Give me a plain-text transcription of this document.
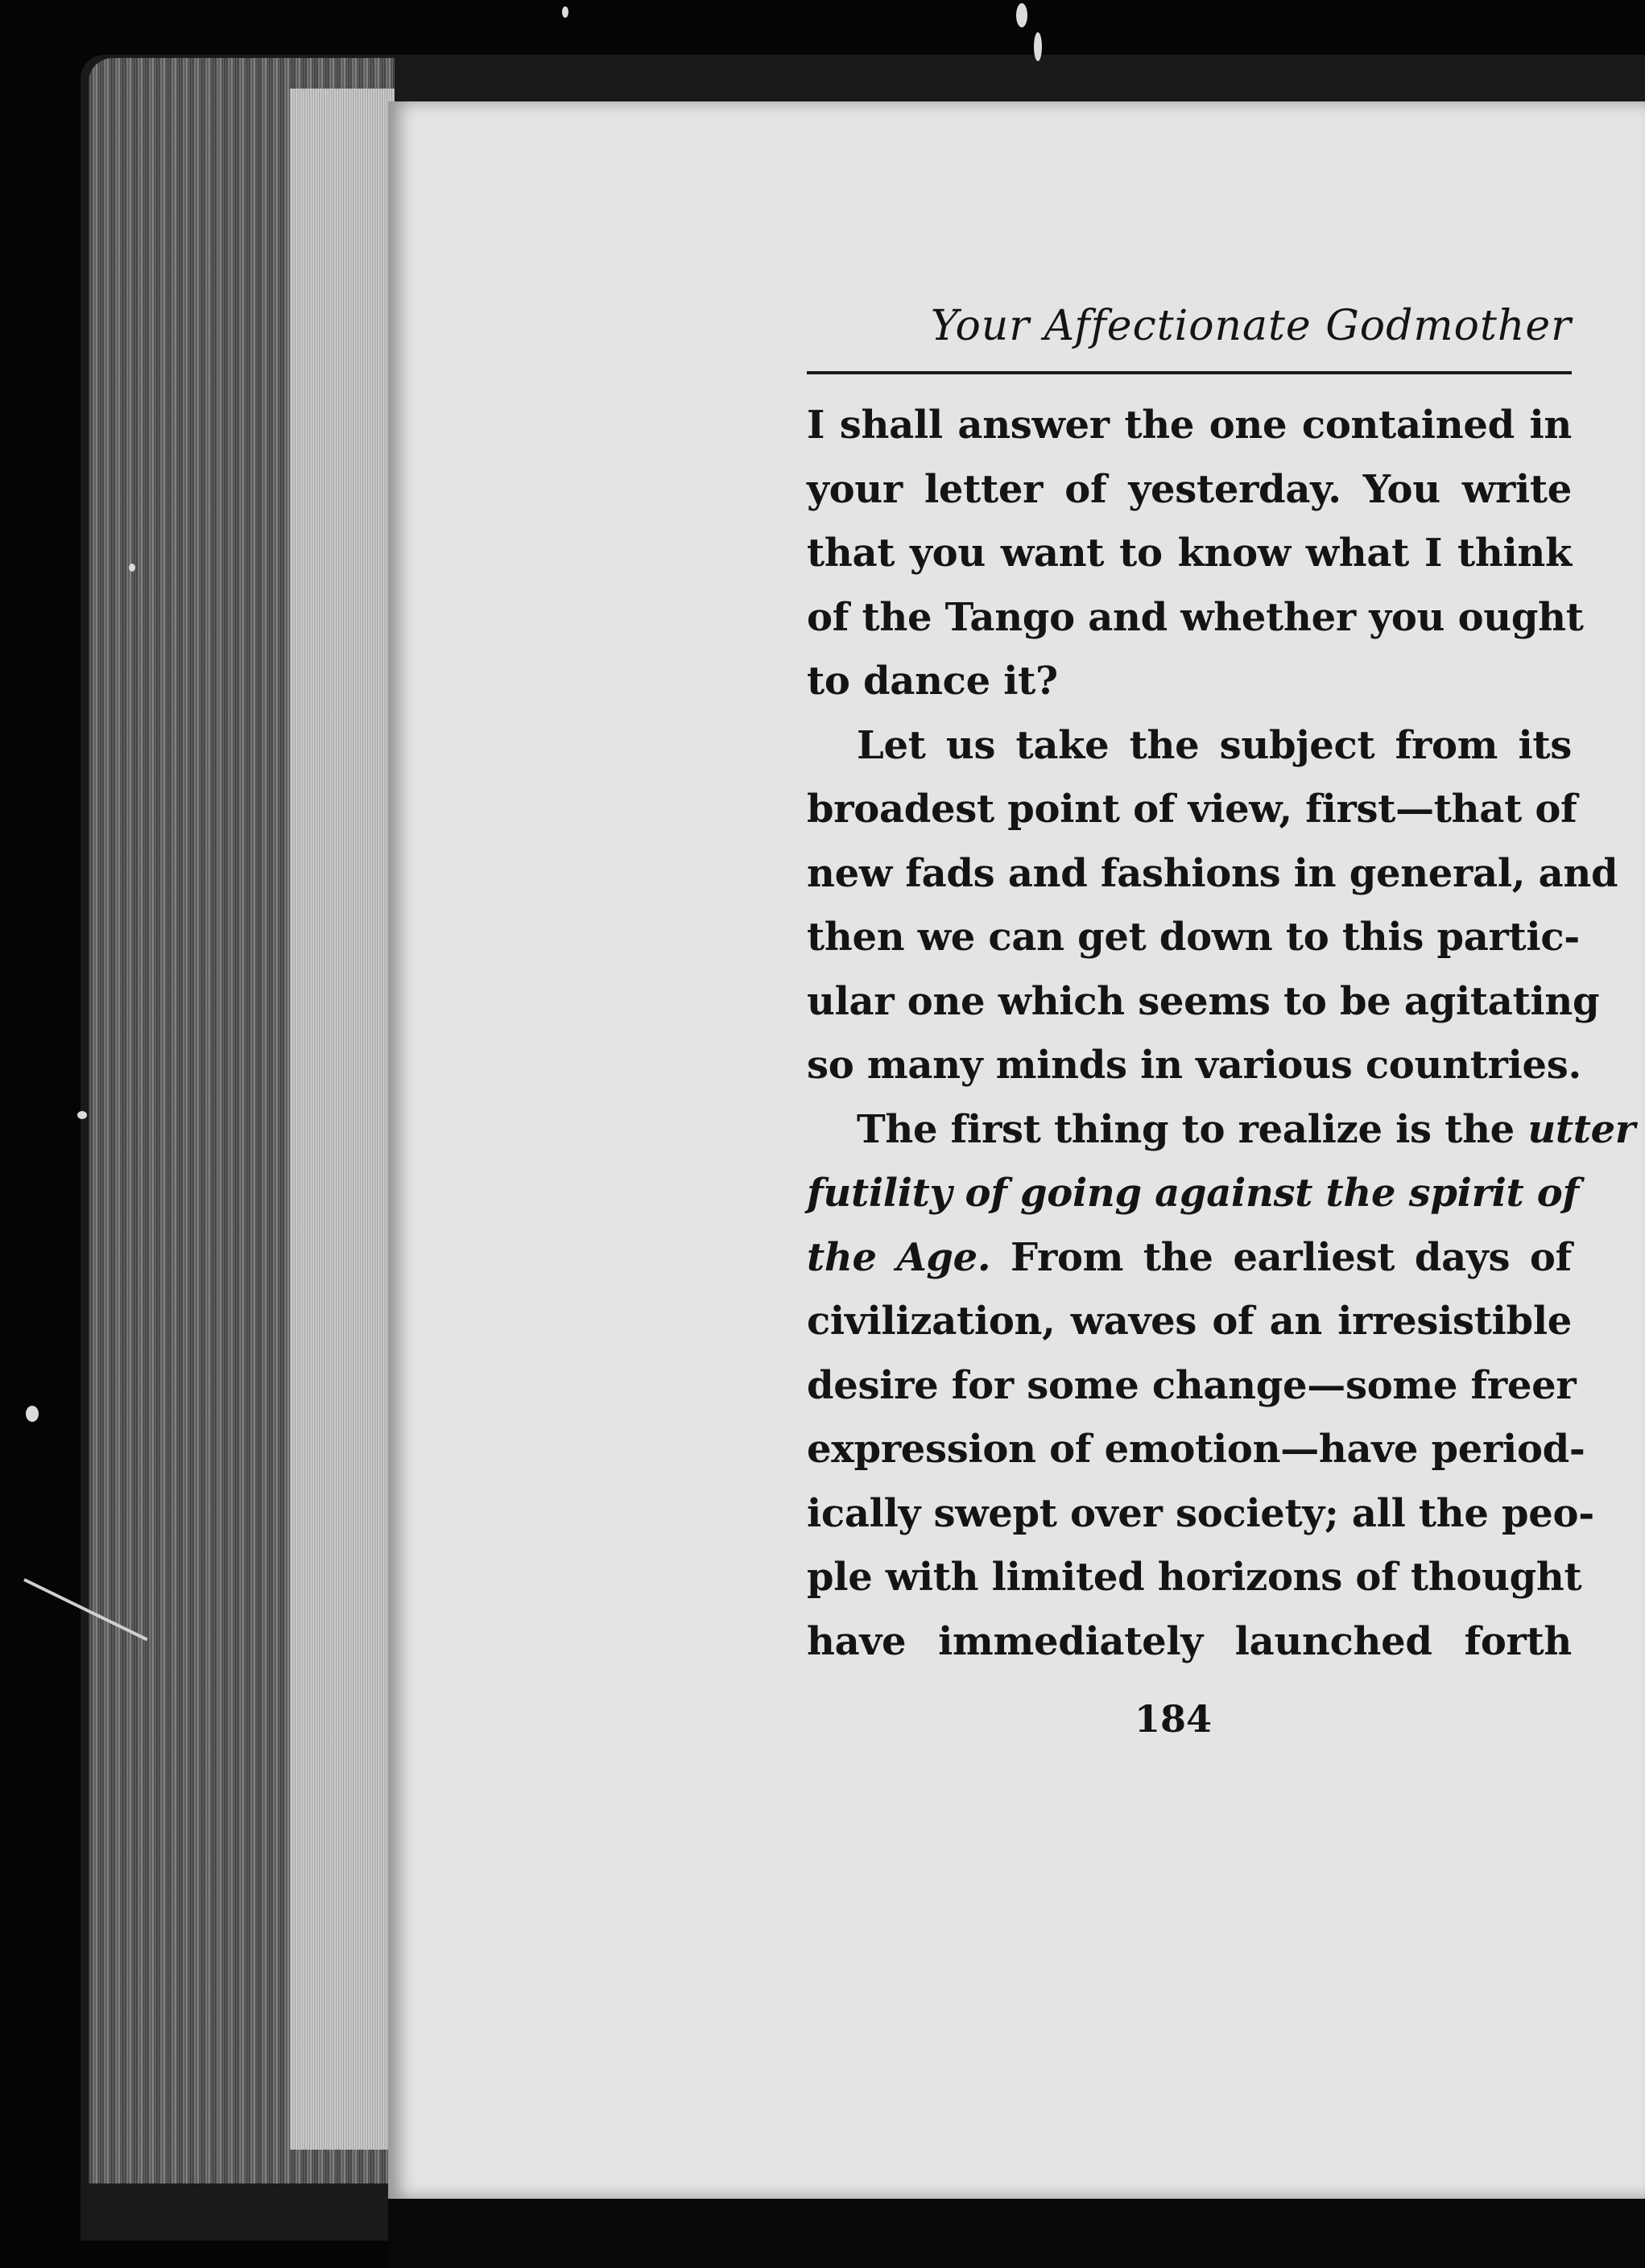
Your Affectionate Godmother
I shall answer the one contained in
your letter of yesterday. You write
that you want to know what I think
of the Tango and whether you ought
to dance it?
Let us take the subject from its
broadest point of view, first—that of
new fads and fashions in general, and
then we can get down to this partic-
ular one which seems to be agitating
so many minds in various countries.
The first thing to realize is the utter
futility of going against the spirit of
the Age. From the earliest days of
civilization, waves of an irresistible
desire for some change—some freer
expression of emotion—have period-
ically swept over society; all the peo-
ple with limited horizons of thought
have immediately launched forth
184
